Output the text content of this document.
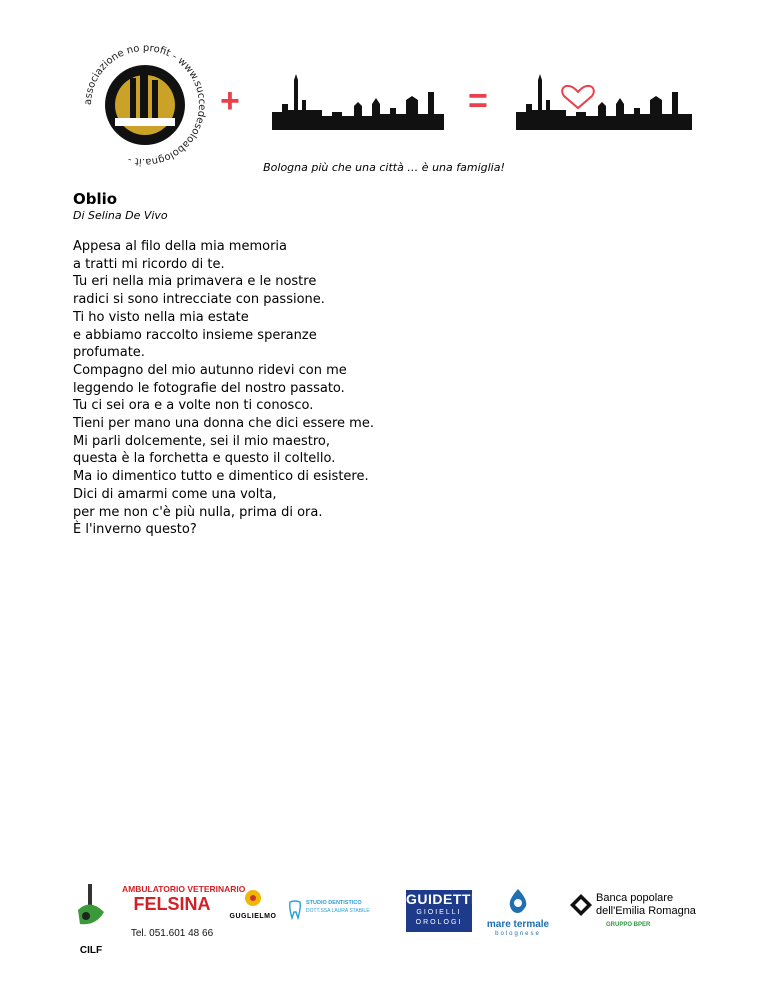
associazione no profit - www.succedesoloabologna.it -
+	=
Bologna più che una città … è una famiglia!

Oblio

Di Selina De Vivo

Appesa al filo della mia memoria
a tratti mi ricordo di te.
Tu eri nella mia primavera e le nostre
radici si sono intrecciate con passione.
Ti ho visto nella mia estate
e abbiamo raccolto insieme speranze
profumate.
Compagno del mio autunno ridevi con me
leggendo le fotografie del nostro passato.
Tu ci sei ora e a volte non ti conosco.
Tieni per mano una donna che dici essere me.
Mi parli dolcemente, sei il mio maestro,
questa è la forchetta e questo il coltello.
Ma io dimentico tutto e dimentico di esistere.
Dici di amarmi come una volta,
per me non c'è più nulla, prima di ora.
È l'inverno questo?
CILF
AMBULATORIO VETERINARIO
FELSINA
Tel. 051.601 48 66
GUGLIELMO
STUDIO DENTISTICO
DOTT.SSA LAURA STABILE
GUIDETTI
GIOIELLI
OROLOGI	mare termale
bolognese
Banca popolare
dell'Emilia Romagna
GRUPPO BPER
